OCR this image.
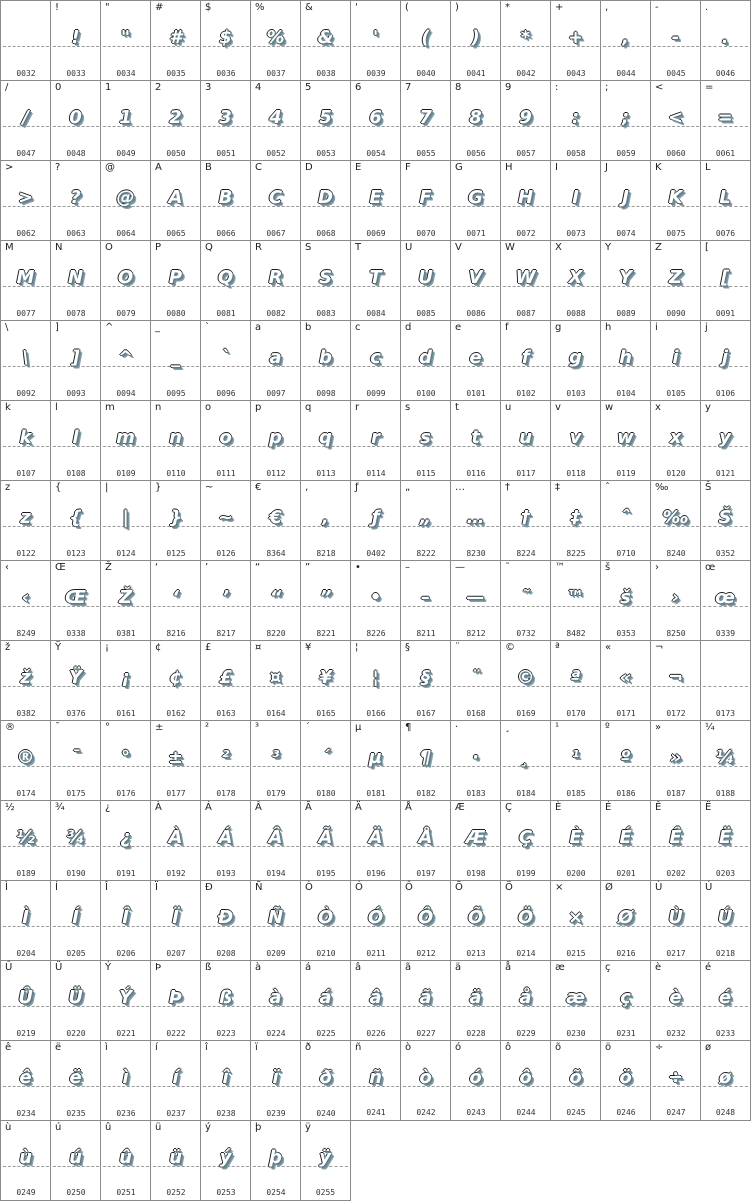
0032
!
!
0033
"
"
0034
#
#
0035
$
$
0036
%
%
0037
&
&
0038
'
'
0039
(
(
0040
)
)
0041
*
*
0042
+
+
0043
,
,
0044
-
-
0045
.
.
0046
/
/
0047
0
0
0048
1
1
0049
2
2
0050
3
3
0051
4
4
0052
5
5
0053
6
6
0054
7
7
0055
8
8
0056
9
9
0057
:
:
0058
;
;
0059
<
<
0060
=
=
0061
>
>
0062
?
?
0063
@
@
0064
A
A
0065
B
B
0066
C
C
0067
D
D
0068
E
E
0069
F
F
0070
G
G
0071
H
H
0072
I
I
0073
J
J
0074
K
K
0075
L
L
0076
M
M
0077
N
N
0078
O
O
0079
P
P
0080
Q
Q
0081
R
R
0082
S
S
0083
T
T
0084
U
U
0085
V
V
0086
W
W
0087
X
X
0088
Y
Y
0089
Z
Z
0090
[
[
0091
\
\
0092
]
]
0093
^
^
0094
_
_
0095
`
`
0096
a
a
0097
b
b
0098
c
c
0099
d
d
0100
e
e
0101
f
f
0102
g
g
0103
h
h
0104
i
i
0105
j
j
0106
k
k
0107
l
l
0108
m
m
0109
n
n
0110
o
o
0111
p
p
0112
q
q
0113
r
r
0114
s
s
0115
t
t
0116
u
u
0117
v
v
0118
w
w
0119
x
x
0120
y
y
0121
z
z
0122
{
{
0123
|
|
0124
}
}
0125
~
~
0126
€
€
8364
‚
‚
8218
ƒ
ƒ
0402
„
„
8222
…
…
8230
†
†
8224
‡
‡
8225
ˆ
ˆ
0710
‰
‰
8240
Š
Š
0352
‹
‹
8249
Œ
Œ
0338
Ž
Ž
0381
‘
‘
8216
’
’
8217
“
“
8220
”
”
8221
•
•
8226
–
–
8211
—
—
8212
˜
˜
0732
™
™
8482
š
š
0353
›
›
8250
œ
œ
0339
ž
ž
0382
Ÿ
Ÿ
0376
¡
¡
0161
¢
¢
0162
£
£
0163
¤
¤
0164
¥
¥
0165
¦
¦
0166
§
§
0167
¨
¨
0168
©
©
0169
ª
ª
0170
«
«
0171
¬
¬
0172	0173
®
®
0174
¯
¯
0175
°
°
0176
±
±
0177
²
²
0178
³
³
0179
´
´
0180
µ
µ
0181
¶
¶
0182
·
·
0183
¸
¸
0184
¹
¹
0185
º
º
0186
»
»
0187
¼
¼
0188
½
½
0189
¾
¾
0190
¿
¿
0191
À
À
0192
Á
Á
0193
Â
Â
0194
Ã
Ã
0195
Ä
Ä
0196
Å
Å
0197
Æ
Æ
0198
Ç
Ç
0199
È
È
0200
É
É
0201
Ê
Ê
0202
Ë
Ë
0203
Ì
Ì
0204
Í
Í
0205
Î
Î
0206
Ï
Ï
0207
Ð
Ð
0208
Ñ
Ñ
0209
Ò
Ò
0210
Ó
Ó
0211
Ô
Ô
0212
Õ
Õ
0213
Ö
Ö
0214
×
×
0215
Ø
Ø
0216
Ù
Ù
0217
Ú
Ú
0218
Û
Û
0219
Ü
Ü
0220
Ý
Ý
0221
Þ
Þ
0222
ß
ß
0223
à
à
0224
á
á
0225
â
â
0226
ã
ã
0227
ä
ä
0228
å
å
0229
æ
æ
0230
ç
ç
0231
è
è
0232
é
é
0233
ê
ê
0234
ë
ë
0235
ì
ì
0236
í
í
0237
î
î
0238
ï
ï
0239
ð
ð
0240
ñ
ñ
0241
ò
ò
0242
ó
ó
0243
ô
ô
0244
õ
õ
0245
ö
ö
0246
÷
÷
0247
ø
ø
0248
ù
ù
0249
ú
ú
0250
û
û
0251
ü
ü
0252
ý
ý
0253
þ
þ
0254
ÿ
ÿ
0255
